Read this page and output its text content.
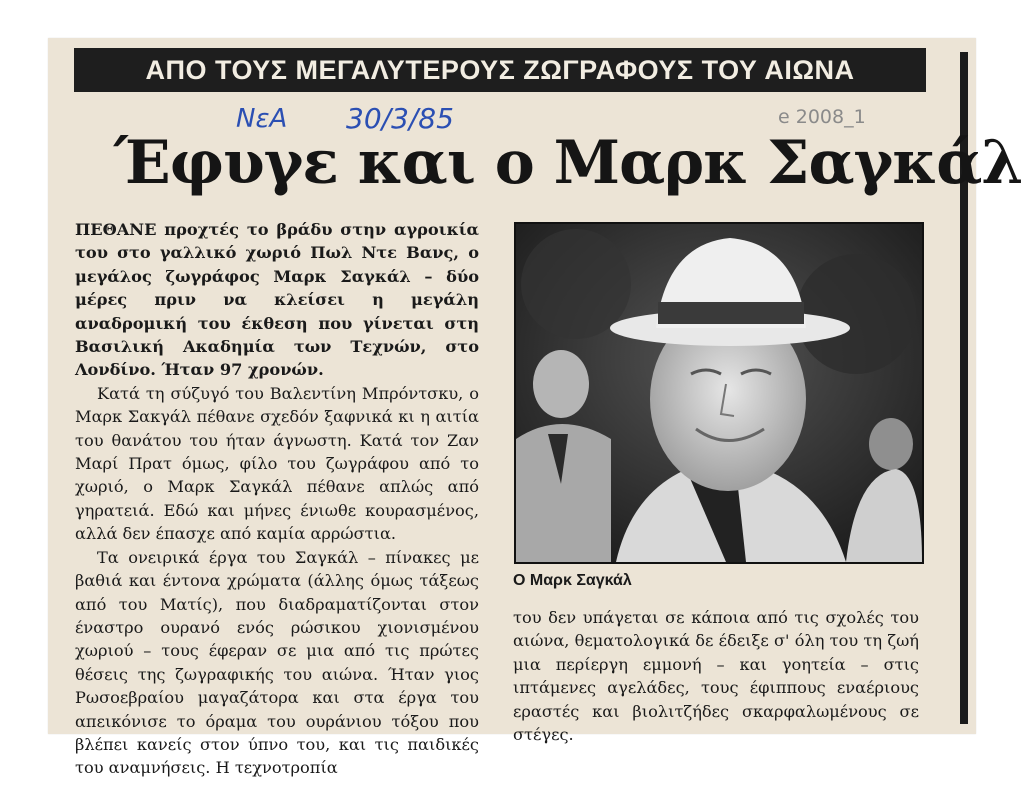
ΑΠΟ ΤΟΥΣ ΜΕΓΑΛΥΤΕΡΟΥΣ ΖΩΓΡΑΦΟΥΣ ΤΟΥ ΑΙΩΝΑ
ΝεΑ 30/3/85	e 2008_1
Έφυγε και ο Μαρκ Σαγκάλ

ΠΕΘΑΝΕ προχτές το βράδυ στην αγροικία του στο γαλλικό χωριό Πωλ Ντε Βανς, ο μεγάλος ζωγράφος Μαρκ Σαγκάλ – δύο μέρες πριν να κλείσει η μεγάλη αναδρομική του έκθεση που γίνεται στη Βασιλική Ακαδημία των Τεχνών, στο Λονδίνο. Ήταν 97 χρονών.

Κατά τη σύζυγό του Βαλεντίνη Μπρόντσκυ, ο Μαρκ Σακγάλ πέθανε σχεδόν ξαφνικά κι η αιτία του θανάτου του ήταν άγνωστη. Κατά τον Ζαν Μαρί Πρατ όμως, φίλο του ζωγράφου από το χωριό, ο Μαρκ Σαγκάλ πέθανε απλώς από γηρατειά. Εδώ και μήνες ένιωθε κουρασμένος, αλλά δεν έπασχε από καμία αρρώστια.

Τα ονειρικά έργα του Σαγκάλ – πίνακες με βαθιά και έντονα χρώματα (άλλης όμως τάξεως από του Ματίς), που διαδραματίζονται στον έναστρο ουρανό ενός ρώσικου χιονισμένου χωριού – τους έφεραν σε μια από τις πρώτες θέσεις της ζωγραφικής του αιώνα. Ήταν γιος Ρωσοεβραίου μαγαζάτορα και στα έργα του απεικόνισε το όραμα του ουράνιου τόξου που βλέπει κανείς στον ύπνο του, και τις παιδικές του αναμνήσεις. Η τεχνοτροπία

Ο Μαρκ Σαγκάλ

του δεν υπάγεται σε κάποια από τις σχολές του αιώνα, θεματολογικά δε έδειξε σ' όλη του τη ζωή μια περίεργη εμμονή – και γοητεία – στις ιπτάμενες αγελάδες, τους έφιππους εναέριους εραστές και βιολιτζήδες σκαρφαλωμένους σε στέγες.
